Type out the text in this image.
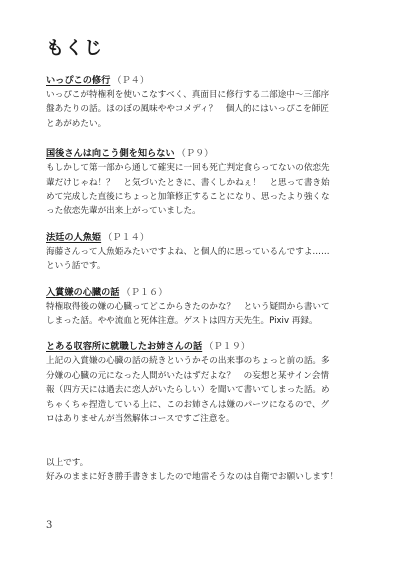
もくじ
いっぴこの修行 （Ｐ４）
いっぴこが特権利を使いこなすべく、真面目に修行する二部途中〜三部序
盤あたりの話。ほのぼの風味ややコメディ？　個人的にはいっぴこを師匠
とあがめたい。
国後さんは向こう側を知らない （Ｐ９）
もしかして第一部から通して確実に一回も死亡判定食らってないの依恋先
輩だけじゃね！？　と気づいたときに、書くしかねぇ！　と思って書き始
めて完成した直後にちょっと加筆修正することになり、思ったより強くな
った依恋先輩が出来上がっていました。
法廷の人魚姫 （Ｐ１４）
海藤さんって人魚姫みたいですよね、と個人的に思っているんですよ……
という話です。
入賞嫌の心臓の話 （Ｐ１６）
特権取得後の嫌の心臓ってどこからきたのかな？　という疑問から書いて
しまった話。やや流血と死体注意。ゲストは四方天先生。Pixiv 再録。
とある収容所に就職したお姉さんの話 （Ｐ１９）
上記の入賞嫌の心臓の話の続きというかその出来事のちょっと前の話。多
分嫌の心臓の元になった人間がいたはずだよな？　の妄想と某サイン会情
報（四方天には過去に恋人がいたらしい）を聞いて書いてしまった話。め
ちゃくちゃ捏造している上に、このお姉さんは嫌のパーツになるので、グ
ロはありませんが当然解体コースですご注意を。
以上です。
好みのままに好き勝手書きましたので地雷そうなのは自衛でお願いします！
3
